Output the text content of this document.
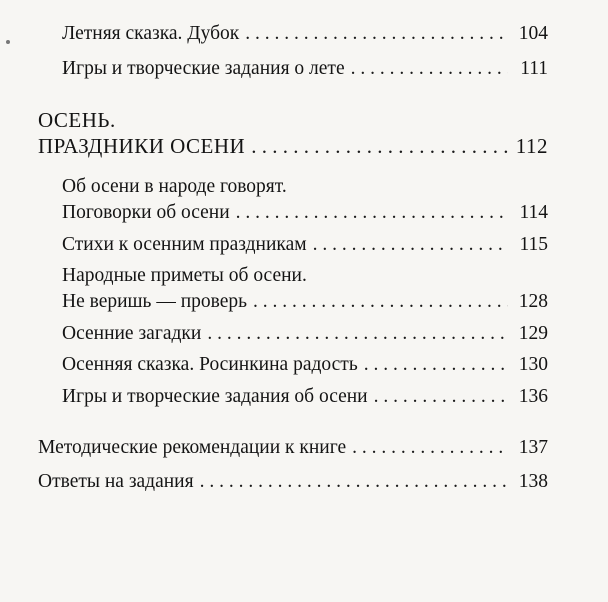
Летняя сказка. Дубок . . .	104
Игры и творческие задания о лете . . .	111
ОСЕНЬ.
ПРАЗДНИКИ ОСЕНИ . . .	112
Об осени в народе говорят.
Поговорки об осени . . .	114
Стихи к осенним праздникам . . .	115
Народные приметы об осени.
Не веришь — проверь . . .	128
Осенние загадки . . .	129
Осенняя сказка. Росинкина радость . . .	130
Игры и творческие задания об осени . . .	136
Методические рекомендации к книге . . .	137
Ответы на задания . . .	138
